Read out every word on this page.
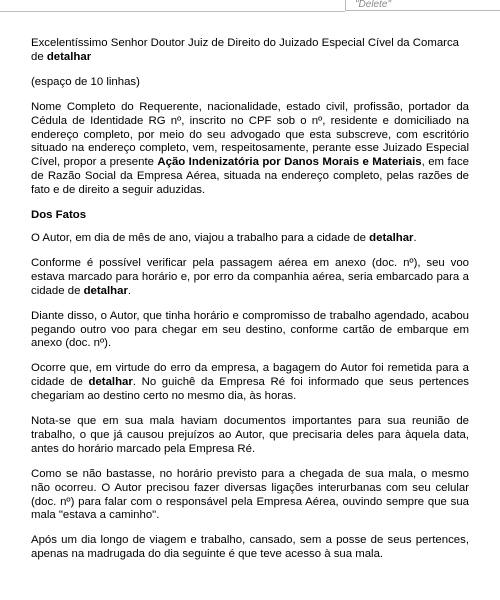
"Delete"

Excelentíssimo Senhor Doutor Juiz de Direito do Juizado Especial Cível da Comarca de detalhar

(espaço de 10 linhas)

Nome Completo do Requerente, nacionalidade, estado civil, profissão, portador da Cédula de Identidade RG nº, inscrito no CPF sob o nº, residente e domiciliado na endereço completo, por meio do seu advogado que esta subscreve, com escritório situado na endereço completo, vem, respeitosamente, perante esse Juizado Especial Cível, propor a presente Ação Indenizatória por Danos Morais e Materiais, em face de Razão Social da Empresa Aérea, situada na endereço completo, pelas razões de fato e de direito a seguir aduzidas.

Dos Fatos

O Autor, em dia de mês de ano, viajou a trabalho para a cidade de detalhar.

Conforme é possível verificar pela passagem aérea em anexo (doc. nº), seu voo estava marcado para horário e, por erro da companhia aérea, seria embarcado para a cidade de detalhar.

Diante disso, o Autor, que tinha horário e compromisso de trabalho agendado, acabou pegando outro voo para chegar em seu destino, conforme cartão de embarque em anexo (doc. nº).

Ocorre que, em virtude do erro da empresa, a bagagem do Autor foi remetida para a cidade de detalhar. No guichê da Empresa Ré foi informado que seus pertences chegariam ao destino certo no mesmo dia, às horas.

Nota-se que em sua mala haviam documentos importantes para sua reunião de trabalho, o que já causou prejuízos ao Autor, que precisaria deles para àquela data, antes do horário marcado pela Empresa Ré.

Como se não bastasse, no horário previsto para a chegada de sua mala, o mesmo não ocorreu. O Autor precisou fazer diversas ligações interurbanas com seu celular (doc. nº) para falar com o responsável pela Empresa Aérea, ouvindo sempre que sua mala "estava a caminho".

Após um dia longo de viagem e trabalho, cansado, sem a posse de seus pertences, apenas na madrugada do dia seguinte é que teve acesso à sua mala.
